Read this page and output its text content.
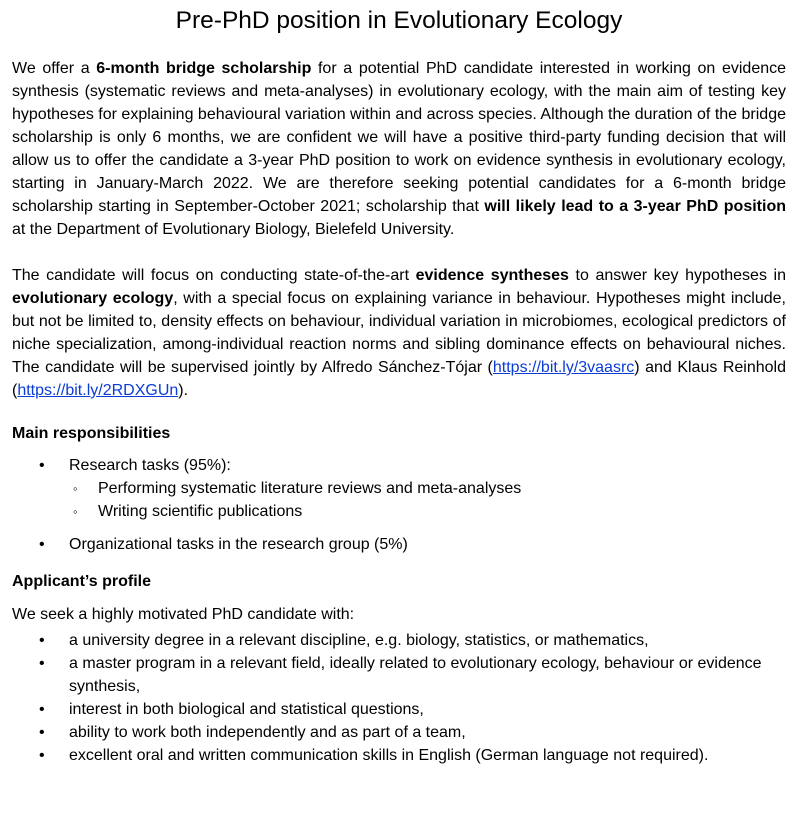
Pre-PhD position in Evolutionary Ecology

We offer a 6-month bridge scholarship for a potential PhD candidate interested in working on evidence synthesis (systematic reviews and meta-analyses) in evolutionary ecology, with the main aim of testing key hypotheses for explaining behavioural variation within and across species. Although the duration of the bridge scholarship is only 6 months, we are confident we will have a positive third-party funding decision that will allow us to offer the candidate a 3-year PhD position to work on evidence synthesis in evolutionary ecology, starting in January-March 2022. We are therefore seeking potential candidates for a 6-month bridge scholarship starting in September-October 2021; scholarship that will likely lead to a 3-year PhD position at the Department of Evolutionary Biology, Bielefeld University.

The candidate will focus on conducting state-of-the-art evidence syntheses to answer key hypotheses in evolutionary ecology, with a special focus on explaining variance in behaviour. Hypotheses might include, but not be limited to, density effects on behaviour, individual variation in microbiomes, ecological predictors of niche specialization, among-individual reaction norms and sibling dominance effects on behavioural niches. The candidate will be supervised jointly by Alfredo Sánchez-Tójar (https://bit.ly/3vaasrc) and Klaus Reinhold (https://bit.ly/2RDXGUn).

Main responsibilities
• Research tasks (95%):
◦ Performing systematic literature reviews and meta-analyses
◦ Writing scientific publications
• Organizational tasks in the research group (5%)
Applicant’s profile

We seek a highly motivated PhD candidate with:

• a university degree in a relevant discipline, e.g. biology, statistics, or mathematics,
• a master program in a relevant field, ideally related to evolutionary ecology, behaviour or evidence synthesis,
• interest in both biological and statistical questions,
• ability to work both independently and as part of a team,
• excellent oral and written communication skills in English (German language not required).
